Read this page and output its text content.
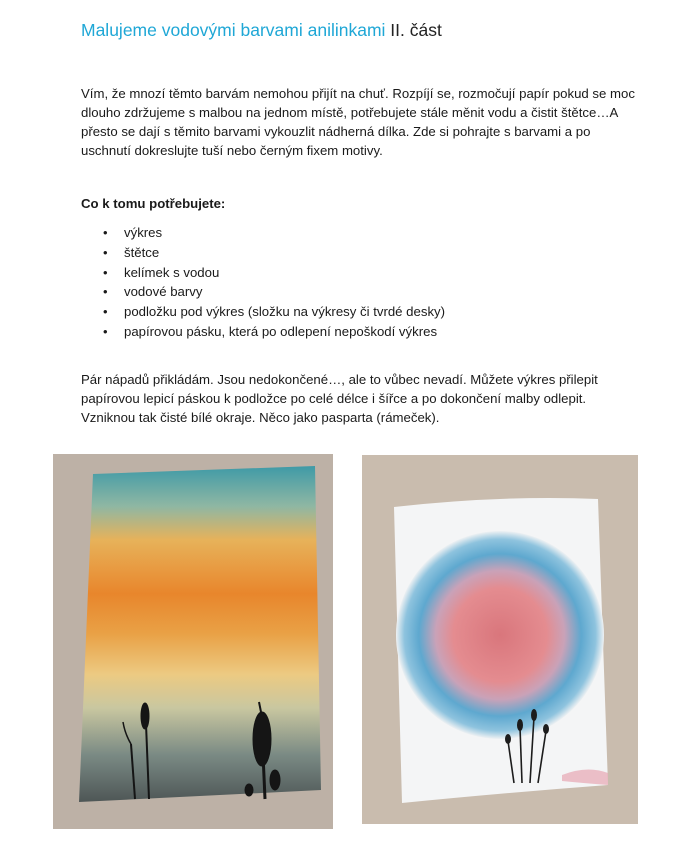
Malujeme vodovými barvami anilinkami II. část
Vím, že mnozí těmto barvám nemohou přijít na chuť. Rozpíjí se, rozmočují papír pokud se moc dlouho zdržujeme s malbou na jednom místě, potřebujete stále měnit vodu a čistit štětce…A přesto se dají s těmito barvami vykouzlit nádherná dílka. Zde si pohrajte s barvami a po uschnutí dokreslujte tuší nebo černým fixem motivy.
Co k tomu potřebujete:
• výkres
• štětce
• kelímek s vodou
• vodové barvy
• podložku pod výkres (složku na výkresy či tvrdé desky)
• papírovou pásku, která po odlepení nepoškodí výkres
Pár nápadů přikládám. Jsou nedokončené…, ale to vůbec nevadí. Můžete výkres přilepit papírovou lepicí páskou k podložce po celé délce i šířce a po dokončení malby odlepit. Vzniknou tak čisté bílé okraje. Něco jako pasparta (rámeček).
